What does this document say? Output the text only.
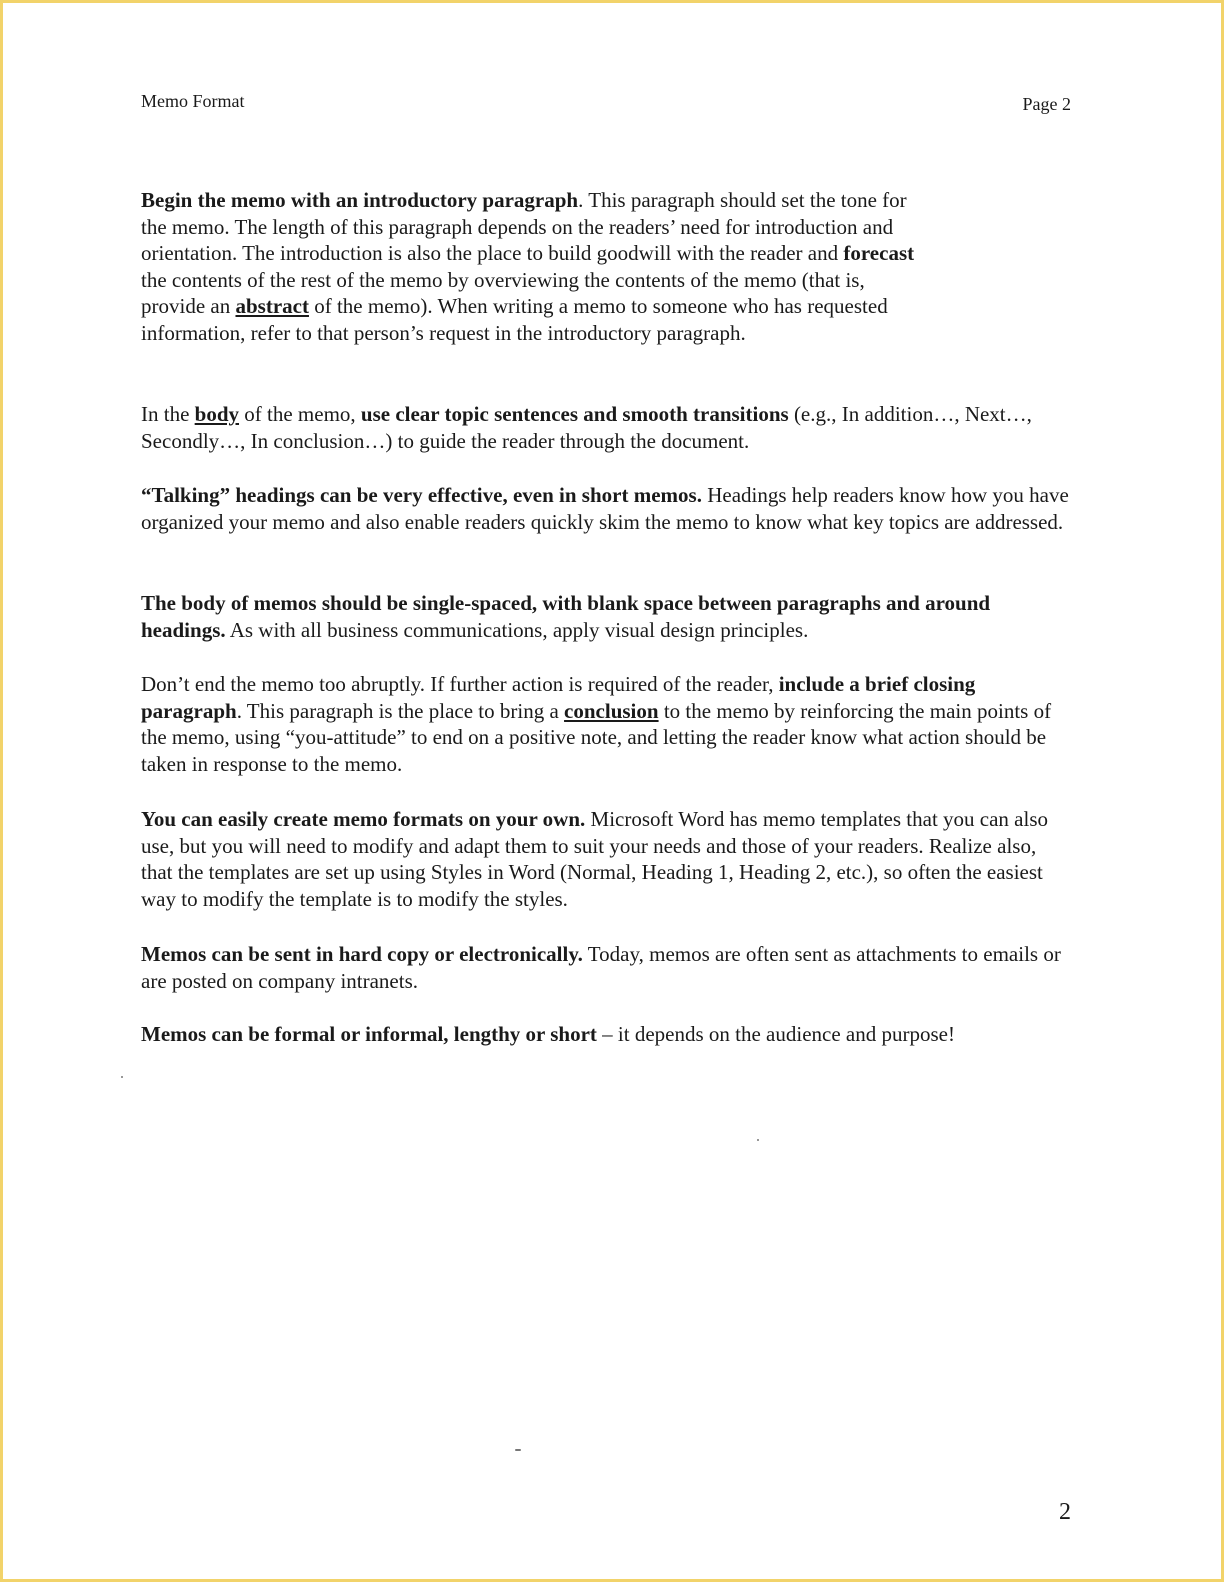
Memo Format	Page 2

Begin the memo with an introductory paragraph. This paragraph should set the tone for the memo. The length of this paragraph depends on the readers’ need for introduction and orientation. The introduction is also the place to build goodwill with the reader and forecast the contents of the rest of the memo by overviewing the contents of the memo (that is, provide an abstract of the memo). When writing a memo to someone who has requested information, refer to that person’s request in the introductory paragraph.

In the body of the memo, use clear topic sentences and smooth transitions (e.g., In addition…, Next…, Secondly…, In conclusion…) to guide the reader through the document.

“Talking” headings can be very effective, even in short memos. Headings help readers know how you have organized your memo and also enable readers quickly skim the memo to know what key topics are addressed.

The body of memos should be single-spaced, with blank space between paragraphs and around headings. As with all business communications, apply visual design principles.

Don’t end the memo too abruptly. If further action is required of the reader, include a brief closing paragraph. This paragraph is the place to bring a conclusion to the memo by reinforcing the main points of the memo, using “you-attitude” to end on a positive note, and letting the reader know what action should be taken in response to the memo.

You can easily create memo formats on your own. Microsoft Word has memo templates that you can also use, but you will need to modify and adapt them to suit your needs and those of your readers. Realize also, that the templates are set up using Styles in Word (Normal, Heading 1, Heading 2, etc.), so often the easiest way to modify the template is to modify the styles.

Memos can be sent in hard copy or electronically. Today, memos are often sent as attachments to emails or are posted on company intranets.

Memos can be formal or informal, lengthy or short – it depends on the audience and purpose!

2
